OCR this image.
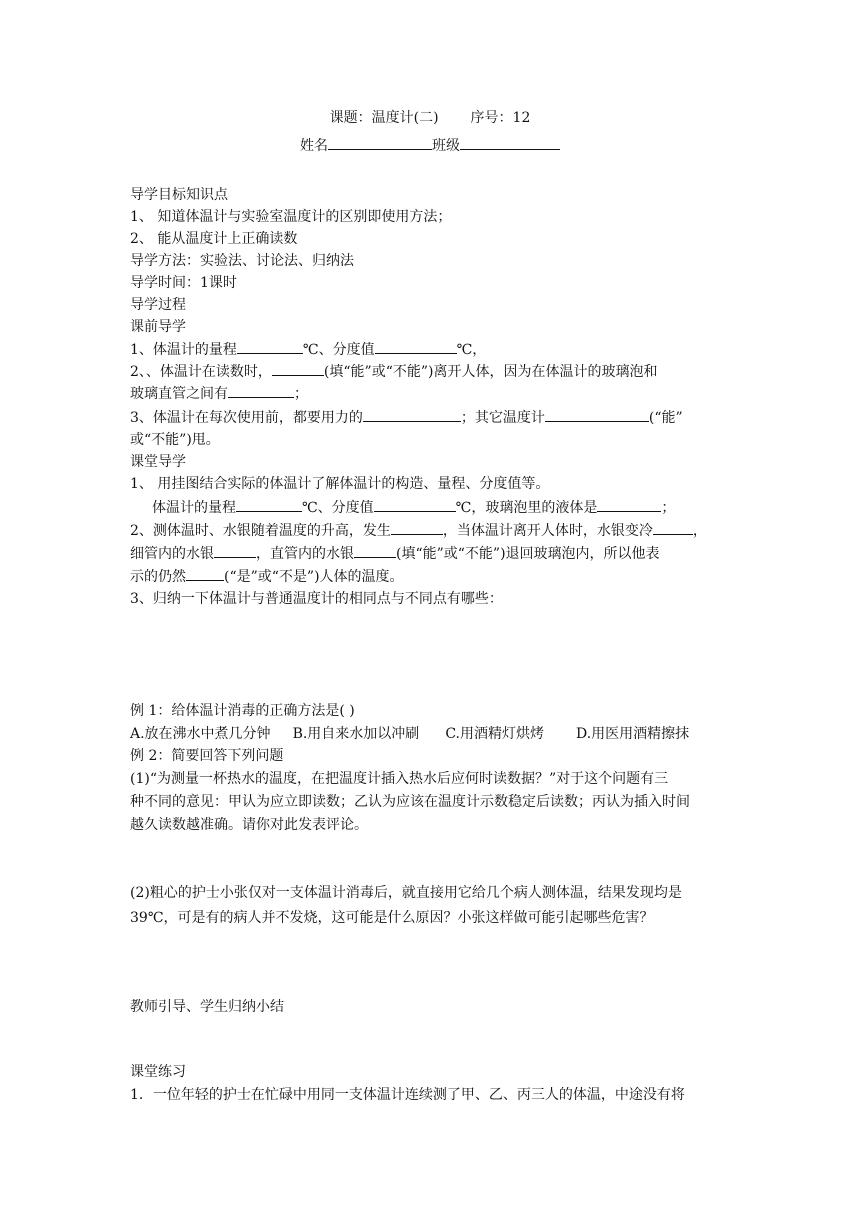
课题：温度计(二) 序号：12
姓名	班级
导学目标知识点
1、 知道体温计与实验室温度计的区别即使用方法；
2、 能从温度计上正确读数
导学方法：实验法、讨论法、归纳法
导学时间：1课时
导学过程
课前导学
1、体温计的量程	℃、分度值	℃，
2、、体温计在读数时，	(填“能”或“不能”)离开人体，因为在体温计的玻璃泡和
玻璃直管之间有	；
3、体温计在每次使用前，都要用力的	；其它温度计	(“能”
或“不能”)甩。
课堂导学
1、 用挂图结合实际的体温计了解体温计的构造、量程、分度值等。
体温计的量程	℃、分度值	℃，玻璃泡里的液体是	；
2、测体温时、水银随着温度的升高，发生	，当体温计离开人体时，水银变冷	，
细管内的水银	，直管内的水银	(填“能”或“不能”)退回玻璃泡内，所以他表
示的仍然	(“是”或“不是”)人体的温度。
3、归纳一下体温计与普通温度计的相同点与不同点有哪些：
例 1：给体温计消毒的正确方法是( )
A.放在沸水中煮几分钟 B.用自来水加以冲刷 C.用酒精灯烘烤 D.用医用酒精擦抹
例 2：简要回答下列问题
(1)“为测量一杯热水的温度，在把温度计插入热水后应何时读数据？”对于这个问题有三
种不同的意见：甲认为应立即读数；乙认为应该在温度计示数稳定后读数；丙认为插入时间
越久读数越准确。请你对此发表评论。
(2)粗心的护士小张仅对一支体温计消毒后，就直接用它给几个病人测体温，结果发现均是
39℃，可是有的病人并不发烧，这可能是什么原因？小张这样做可能引起哪些危害？
教师引导、学生归纳小结
课堂练习
1．一位年轻的护士在忙碌中用同一支体温计连续测了甲、乙、丙三人的体温，中途没有将
